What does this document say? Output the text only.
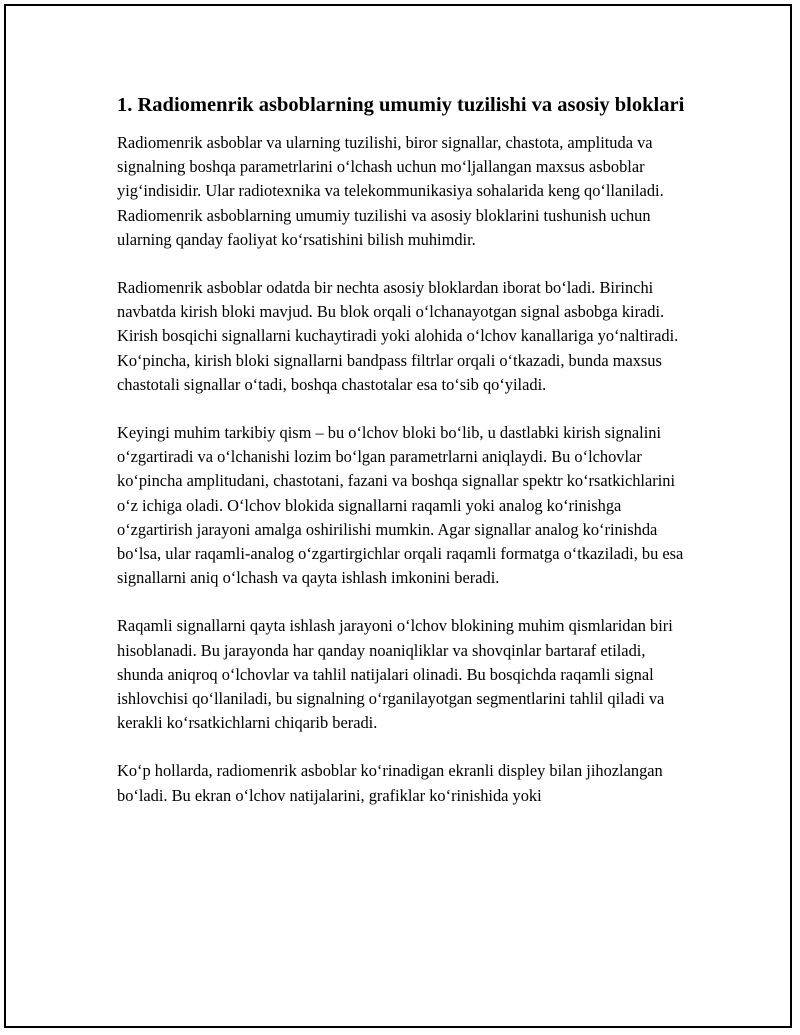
1. Radiomenrik asboblarning umumiy tuzilishi va asosiy bloklari

Radiomenrik asboblar va ularning tuzilishi, biror signallar, chastota, amplituda va signalning boshqa parametrlarini o‘lchash uchun mo‘ljallangan maxsus asboblar yig‘indisidir. Ular radiotexnika va telekommunikasiya sohalarida keng qo‘llaniladi. Radiomenrik asboblarning umumiy tuzilishi va asosiy bloklarini tushunish uchun ularning qanday faoliyat ko‘rsatishini bilish muhimdir.

Radiomenrik asboblar odatda bir nechta asosiy bloklardan iborat bo‘ladi. Birinchi navbatda kirish bloki mavjud. Bu blok orqali o‘lchanayotgan signal asbobga kiradi. Kirish bosqichi signallarni kuchaytiradi yoki alohida o‘lchov kanallariga yo‘naltiradi. Ko‘pincha, kirish bloki signallarni bandpass filtrlar orqali o‘tkazadi, bunda maxsus chastotali signallar o‘tadi, boshqa chastotalar esa to‘sib qo‘yiladi.

Keyingi muhim tarkibiy qism – bu o‘lchov bloki bo‘lib, u dastlabki kirish signalini o‘zgartiradi va o‘lchanishi lozim bo‘lgan parametrlarni aniqlaydi. Bu o‘lchovlar ko‘pincha amplitudani, chastotani, fazani va boshqa signallar spektr ko‘rsatkichlarini o‘z ichiga oladi. O‘lchov blokida signallarni raqamli yoki analog ko‘rinishga o‘zgartirish jarayoni amalga oshirilishi mumkin. Agar signallar analog ko‘rinishda bo‘lsa, ular raqamli-analog o‘zgartirgichlar orqali raqamli formatga o‘tkaziladi, bu esa signallarni aniq o‘lchash va qayta ishlash imkonini beradi.

Raqamli signallarni qayta ishlash jarayoni o‘lchov blokining muhim qismlaridan biri hisoblanadi. Bu jarayonda har qanday noaniqliklar va shovqinlar bartaraf etiladi, shunda aniqroq o‘lchovlar va tahlil natijalari olinadi. Bu bosqichda raqamli signal ishlovchisi qo‘llaniladi, bu signalning o‘rganilayotgan segmentlarini tahlil qiladi va kerakli ko‘rsatkichlarni chiqarib beradi.

Ko‘p hollarda, radiomenrik asboblar ko‘rinadigan ekranli displey bilan jihozlangan bo‘ladi. Bu ekran o‘lchov natijalarini, grafiklar ko‘rinishida yoki
